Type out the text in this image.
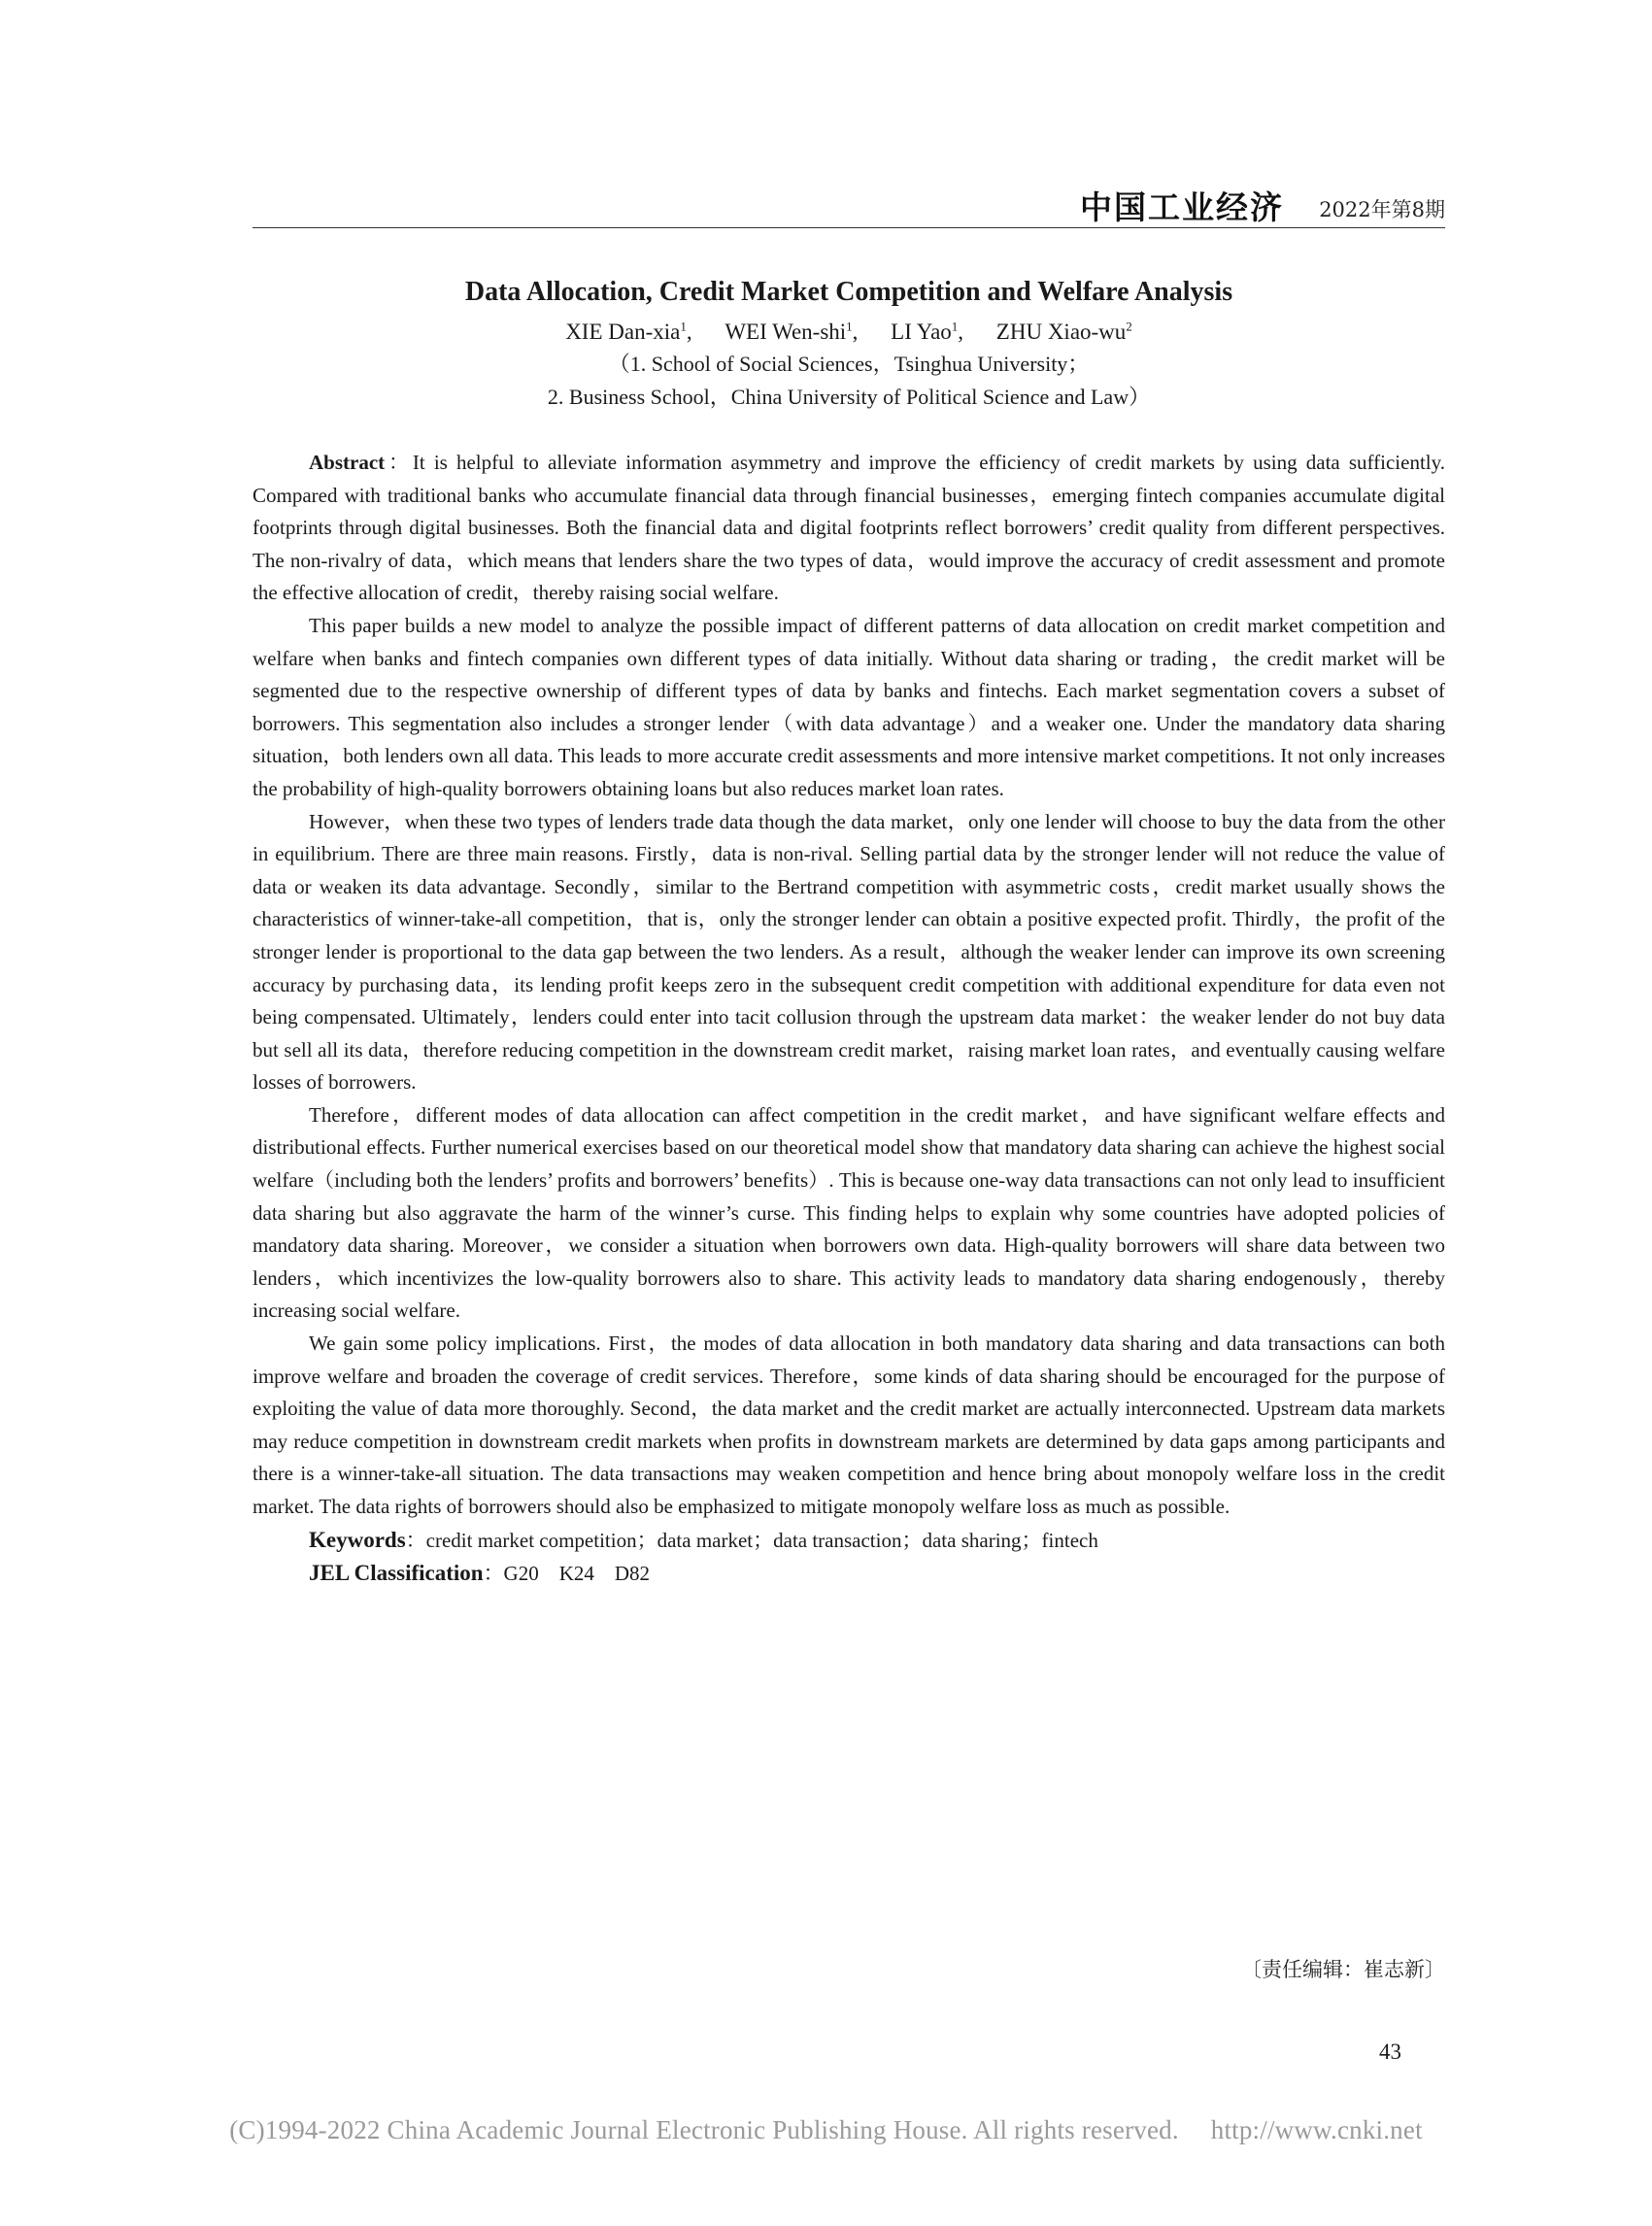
中国工业经济 2022年第8期
Data Allocation, Credit Market Competition and Welfare Analysis
XIE Dan-xia$^1$, WEI Wen-shi$^1$, LI Yao$^1$, ZHU Xiao-$wu^2$
（1. School of Social Sciences，Tsinghua University；
2. Business School，China University of Political Science and Law）

Abstract：It is helpful to alleviate information asymmetry and improve the efficiency of credit markets by using data sufficiently. Compared with traditional banks who accumulate financial data through financial businesses，emerging fintech companies accumulate digital footprints through digital businesses. Both the financial data and digital footprints reflect borrowers’ credit quality from different perspectives. The non-rivalry of data，which means that lenders share the two types of data，would improve the accuracy of credit assessment and promote the effective allocation of credit，thereby raising social welfare.

This paper builds a new model to analyze the possible impact of different patterns of data allocation on credit market competition and welfare when banks and fintech companies own different types of data initially. Without data sharing or trading，the credit market will be segmented due to the respective ownership of different types of data by banks and fintechs. Each market segmentation covers a subset of borrowers. This segmentation also includes a stronger lender（with data advantage）and a weaker one. Under the mandatory data sharing situation，both lenders own all data. This leads to more accurate credit assessments and more intensive market competitions. It not only increases the probability of high-quality borrowers obtaining loans but also reduces market loan rates.

However，when these two types of lenders trade data though the data market，only one lender will choose to buy the data from the other in equilibrium. There are three main reasons. Firstly，data is non-rival. Selling partial data by the stronger lender will not reduce the value of data or weaken its data advantage. Secondly，similar to the Bertrand competition with asymmetric costs，credit market usually shows the characteristics of winner-take-all competition，that is，only the stronger lender can obtain a positive expected profit. Thirdly，the profit of the stronger lender is proportional to the data gap between the two lenders. As a result，although the weaker lender can improve its own screening accuracy by purchasing data，its lending profit keeps zero in the subsequent credit competition with additional expenditure for data even not being compensated. Ultimately，lenders could enter into tacit collusion through the upstream data market：the weaker lender do not buy data but sell all its data，therefore reducing competition in the downstream credit market，raising market loan rates，and eventually causing welfare losses of borrowers.

Therefore，different modes of data allocation can affect competition in the credit market，and have significant welfare effects and distributional effects. Further numerical exercises based on our theoretical model show that mandatory data sharing can achieve the highest social welfare（including both the lenders’ profits and borrowers’ benefits）. This is because one-way data transactions can not only lead to insufficient data sharing but also aggravate the harm of the winner’s curse. This finding helps to explain why some countries have adopted policies of mandatory data sharing. Moreover，we consider a situation when borrowers own data. High-quality borrowers will share data between two lenders，which incentivizes the low-quality borrowers also to share. This activity leads to mandatory data sharing endogenously，thereby increasing social welfare.

We gain some policy implications. First，the modes of data allocation in both mandatory data sharing and data transactions can both improve welfare and broaden the coverage of credit services. Therefore，some kinds of data sharing should be encouraged for the purpose of exploiting the value of data more thoroughly. Second，the data market and the credit market are actually interconnected. Upstream data markets may reduce competition in downstream credit markets when profits in downstream markets are determined by data gaps among participants and there is a winner-take-all situation. The data transactions may weaken competition and hence bring about monopoly welfare loss in the credit market. The data rights of borrowers should also be emphasized to mitigate monopoly welfare loss as much as possible.

Keywords：credit market competition；data market；data transaction；data sharing；fintech
JEL Classification：G20　K24　D82
〔责任编辑：崔志新〕
43
(C)1994-2022 China Academic Journal Electronic Publishing House. All rights reserved. http://www.cnki.net
